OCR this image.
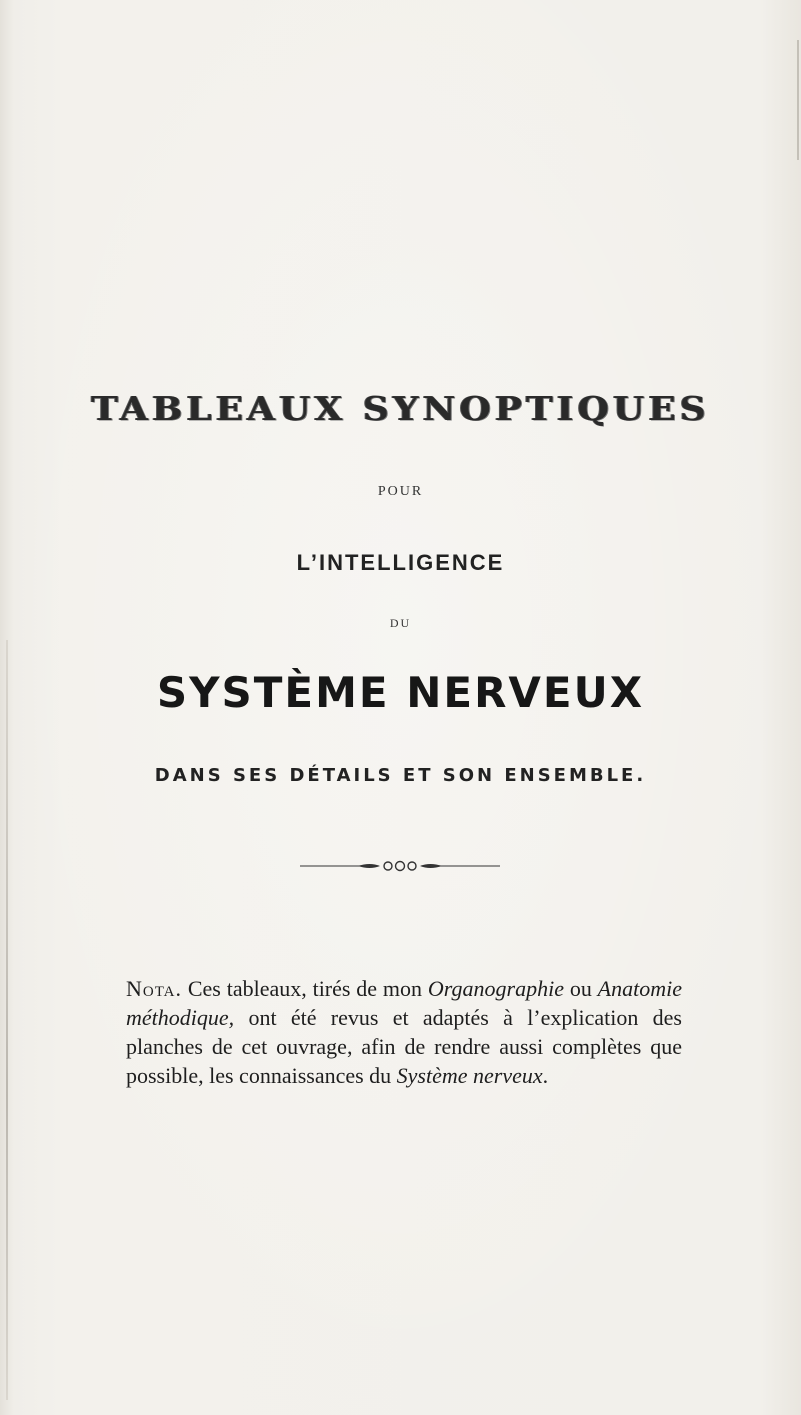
TABLEAUX SYNOPTIQUES
POUR
L’INTELLIGENCE
DU
SYSTÈME NERVEUX
DANS SES DÉTAILS ET SON ENSEMBLE.

Nota. Ces tableaux, tirés de mon Organographie ou Anatomie méthodique, ont été revus et adaptés à l’explication des planches de cet ouvrage, afin de rendre aussi complètes que possible, les connaissances du Système nerveux.
